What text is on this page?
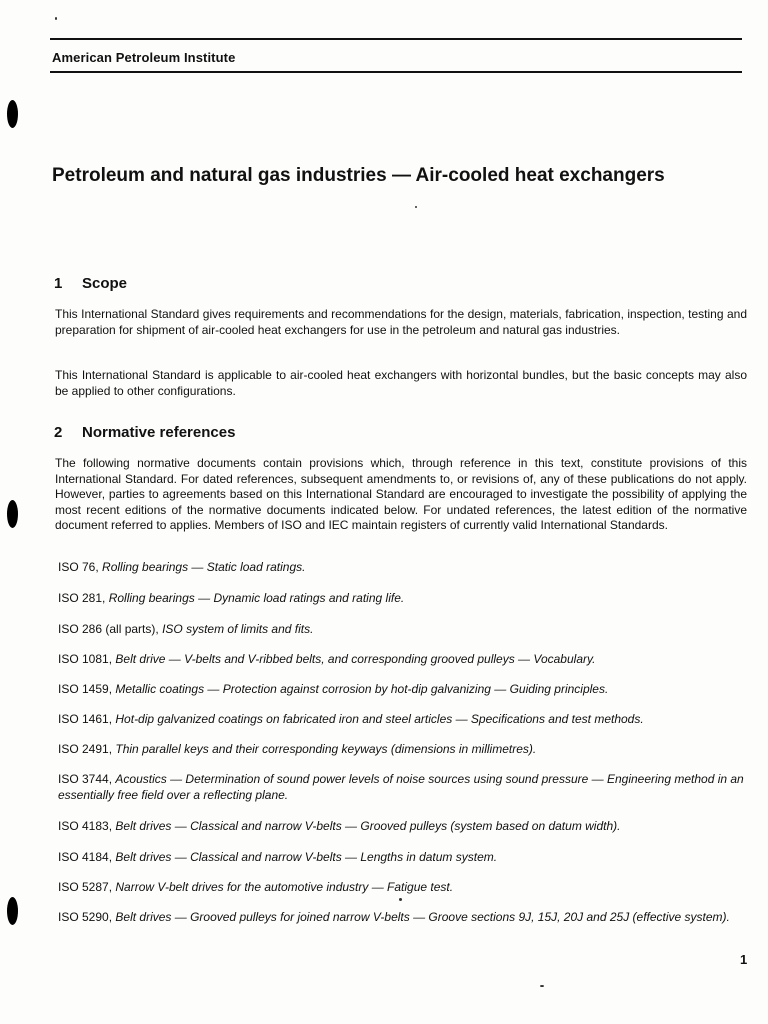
American Petroleum Institute
Petroleum and natural gas industries — Air-cooled heat exchangers
1 Scope
This International Standard gives requirements and recommendations for the design, materials, fabrication, inspection, testing and preparation for shipment of air-cooled heat exchangers for use in the petroleum and natural gas industries.
This International Standard is applicable to air-cooled heat exchangers with horizontal bundles, but the basic concepts may also be applied to other configurations.
2 Normative references
The following normative documents contain provisions which, through reference in this text, constitute provisions of this International Standard. For dated references, subsequent amendments to, or revisions of, any of these publications do not apply. However, parties to agreements based on this International Standard are encouraged to investigate the possibility of applying the most recent editions of the normative documents indicated below. For undated references, the latest edition of the normative document referred to applies. Members of ISO and IEC maintain registers of currently valid International Standards.
ISO 76, Rolling bearings — Static load ratings.
ISO 281, Rolling bearings — Dynamic load ratings and rating life.
ISO 286 (all parts), ISO system of limits and fits.
ISO 1081, Belt drive — V-belts and V-ribbed belts, and corresponding grooved pulleys — Vocabulary.
ISO 1459, Metallic coatings — Protection against corrosion by hot-dip galvanizing — Guiding principles.
ISO 1461, Hot-dip galvanized coatings on fabricated iron and steel articles — Specifications and test methods.
ISO 2491, Thin parallel keys and their corresponding keyways (dimensions in millimetres).
ISO 3744, Acoustics — Determination of sound power levels of noise sources using sound pressure — Engineering method in an essentially free field over a reflecting plane.
ISO 4183, Belt drives — Classical and narrow V-belts — Grooved pulleys (system based on datum width).
ISO 4184, Belt drives — Classical and narrow V-belts — Lengths in datum system.
ISO 5287, Narrow V-belt drives for the automotive industry — Fatigue test.
ISO 5290, Belt drives — Grooved pulleys for joined narrow V-belts — Groove sections 9J, 15J, 20J and 25J (effective system).
1
